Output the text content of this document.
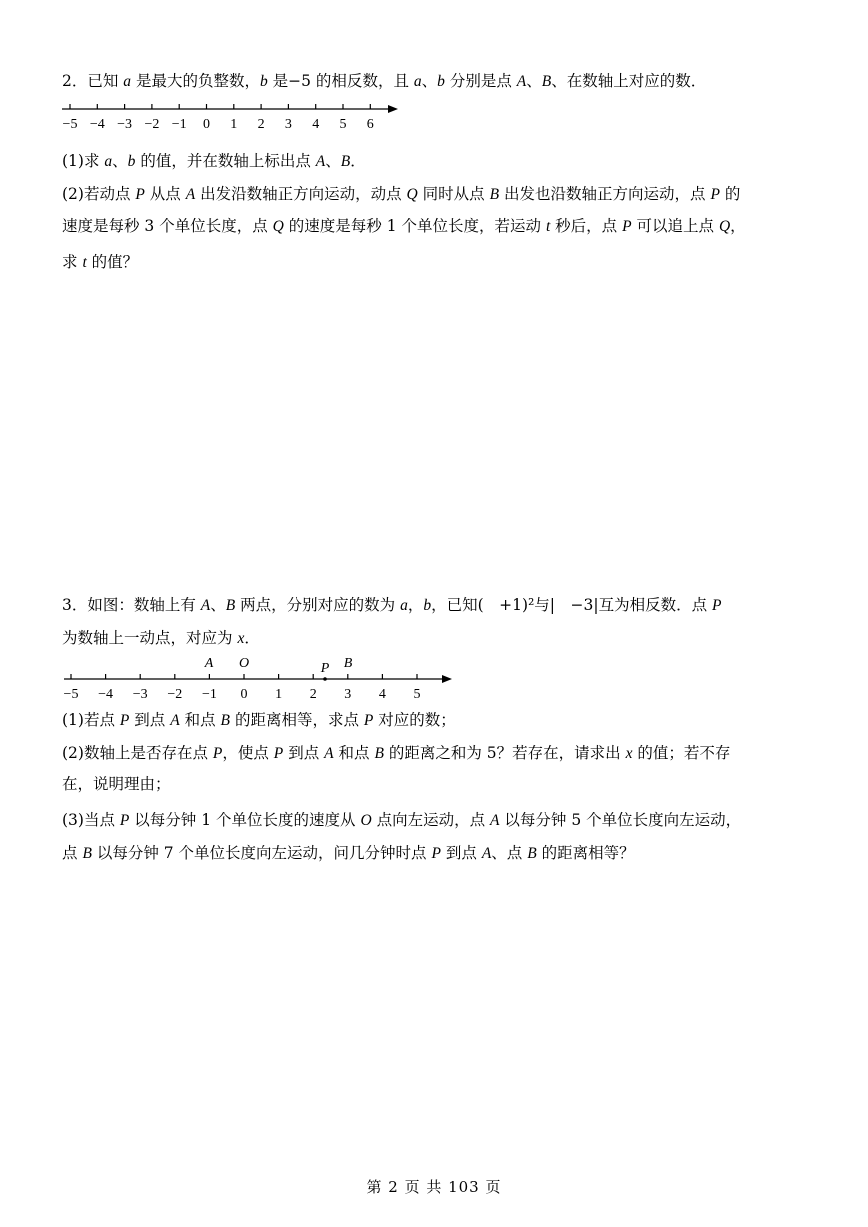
2．已知 a 是最大的负整数，b 是−5 的相反数，且 a、b 分别是点 A、B、在数轴上对应的数．
−5 −4 −3 −2 −1 0 1 2 3 4 5 6
(1)求 a、b 的值，并在数轴上标出点 A、B．
(2)若动点 P 从点 A 出发沿数轴正方向运动，动点 Q 同时从点 B 出发也沿数轴正方向运动，点 P 的
速度是每秒 3 个单位长度，点 Q 的速度是每秒 1 个单位长度，若运动 t 秒后，点 P 可以追上点 Q，
求 t 的值？
3．如图：数轴上有 A、B 两点，分别对应的数为 a，b，已知(　+1)²与|　−3|互为相反数．点 P
为数轴上一动点，对应为 x．
−5 −4 −3 −2 −1 0 1 2 3 4 5
A O	P B
(1)若点 P 到点 A 和点 B 的距离相等，求点 P 对应的数；
(2)数轴上是否存在点 P，使点 P 到点 A 和点 B 的距离之和为 5？若存在，请求出 x 的值；若不存
在，说明理由；
(3)当点 P 以每分钟 1 个单位长度的速度从 O 点向左运动，点 A 以每分钟 5 个单位长度向左运动，
点 B 以每分钟 7 个单位长度向左运动，问几分钟时点 P 到点 A、点 B 的距离相等？
第 2 页 共 103 页
